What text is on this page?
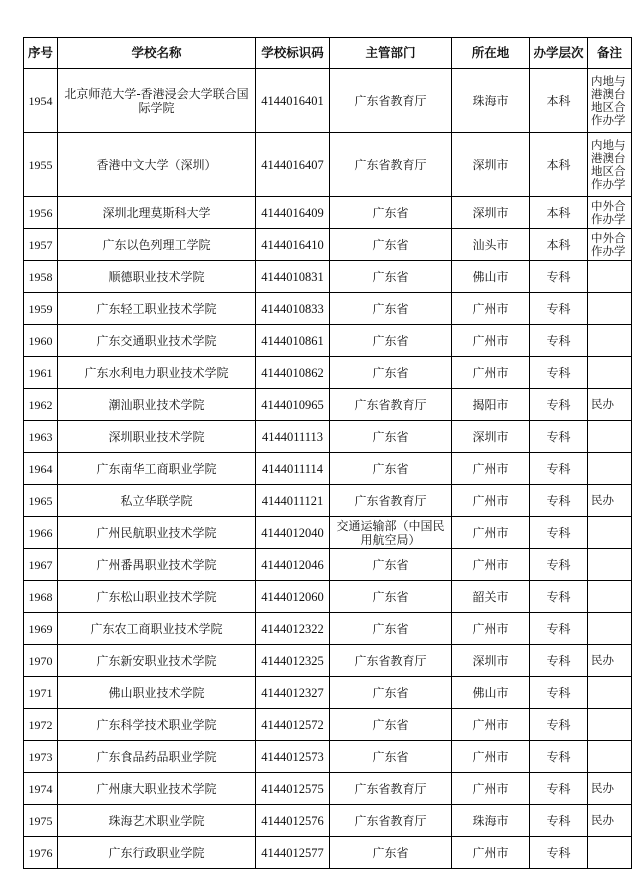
序号	学校名称	学校标识码	主管部门	所在地	办学层次	备注
1954	北京师范大学-香港浸会大学联合国际学院	4144016401	广东省教育厅	珠海市	本科	内地与港澳台地区合作办学
1955	香港中文大学（深圳）	4144016407	广东省教育厅	深圳市	本科	内地与港澳台地区合作办学
1956	深圳北理莫斯科大学	4144016409	广东省	深圳市	本科	中外合作办学
1957	广东以色列理工学院	4144016410	广东省	汕头市	本科	中外合作办学
1958	顺德职业技术学院	4144010831	广东省	佛山市	专科	
1959	广东轻工职业技术学院	4144010833	广东省	广州市	专科	
1960	广东交通职业技术学院	4144010861	广东省	广州市	专科	
1961	广东水利电力职业技术学院	4144010862	广东省	广州市	专科	
1962	潮汕职业技术学院	4144010965	广东省教育厅	揭阳市	专科	民办
1963	深圳职业技术学院	4144011113	广东省	深圳市	专科	
1964	广东南华工商职业学院	4144011114	广东省	广州市	专科	
1965	私立华联学院	4144011121	广东省教育厅	广州市	专科	民办
1966	广州民航职业技术学院	4144012040	交通运输部（中国民用航空局）	广州市	专科	
1967	广州番禺职业技术学院	4144012046	广东省	广州市	专科	
1968	广东松山职业技术学院	4144012060	广东省	韶关市	专科	
1969	广东农工商职业技术学院	4144012322	广东省	广州市	专科	
1970	广东新安职业技术学院	4144012325	广东省教育厅	深圳市	专科	民办
1971	佛山职业技术学院	4144012327	广东省	佛山市	专科	
1972	广东科学技术职业学院	4144012572	广东省	广州市	专科	
1973	广东食品药品职业学院	4144012573	广东省	广州市	专科	
1974	广州康大职业技术学院	4144012575	广东省教育厅	广州市	专科	民办
1975	珠海艺术职业学院	4144012576	广东省教育厅	珠海市	专科	民办
1976	广东行政职业学院	4144012577	广东省	广州市	专科	
